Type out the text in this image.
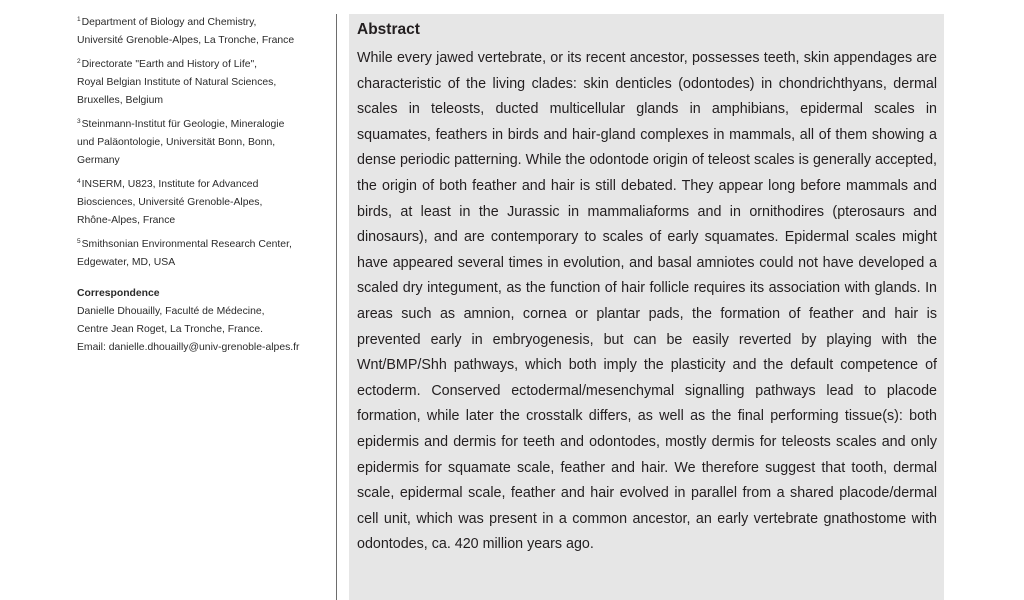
$^1$Department of Biology and Chemistry,
Université Grenoble-Alpes, La Tronche, France
$^2$Directorate "Earth and History of Life",
Royal Belgian Institute of Natural Sciences,
Bruxelles, Belgium
$^3$Steinmann-Institut für Geologie, Mineralogie
und Paläontologie, Universität Bonn, Bonn,
Germany
$^4$INSERM, U823, Institute for Advanced
Biosciences, Université Grenoble-Alpes,
Rhône-Alpes, France
$^5$Smithsonian Environmental Research Center,
Edgewater, MD, USA
Correspondence
Danielle Dhouailly, Faculté de Médecine,
Centre Jean Roget, La Tronche, France.
Email: danielle.dhouailly@univ-grenoble-alpes.fr
Abstract

While every jawed vertebrate, or its recent ancestor, possesses teeth, skin appendages are characteristic of the living clades: skin denticles (odontodes) in chondrichthyans, dermal scales in teleosts, ducted multicellular glands in amphibians, epidermal scales in squamates, feathers in birds and hair-gland complexes in mammals, all of them showing a dense periodic patterning. While the odontode origin of teleost scales is generally accepted, the origin of both feather and hair is still debated. They appear long before mammals and birds, at least in the Jurassic in mammaliaforms and in ornithodires (pterosaurs and dinosaurs), and are contemporary to scales of early squamates. Epidermal scales might have appeared several times in evolution, and basal amniotes could not have developed a scaled dry integument, as the function of hair follicle requires its association with glands. In areas such as amnion, cornea or plantar pads, the formation of feather and hair is prevented early in embryogenesis, but can be easily reverted by playing with the Wnt/BMP/Shh pathways, which both imply the plasticity and the default competence of ectoderm. Conserved ectodermal/mesenchymal signalling pathways lead to placode formation, while later the crosstalk differs, as well as the final performing tissue(s): both epidermis and dermis for teeth and odontodes, mostly dermis for teleosts scales and only epidermis for squamate scale, feather and hair. We therefore suggest that tooth, dermal scale, epidermal scale, feather and hair evolved in parallel from a shared placode/dermal cell unit, which was present in a common ancestor, an early vertebrate gnathostome with odontodes, ca. 420 million years ago.
